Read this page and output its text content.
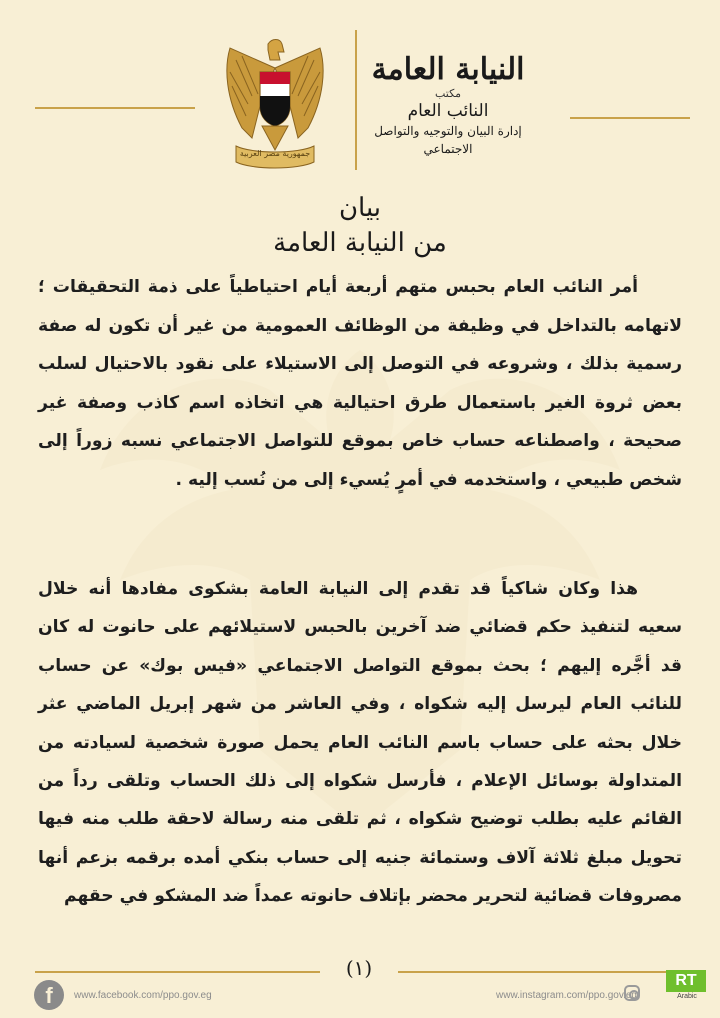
جمهورية مصر العربية
النيابة العامة
مكتب
النائب العام
إدارة البيان والتوجيه والتواصل الاجتماعي
بيان
من النيابة العامة

أمر النائب العام بحبس متهم أربعة أيام احتياطياً على ذمة التحقيقات ؛ لاتهامه بالتداخل في وظيفة من الوظائف العمومية من غير أن تكون له صفة رسمية بذلك ، وشروعه في التوصل إلى الاستيلاء على نقود بالاحتيال لسلب بعض ثروة الغير باستعمال طرق احتيالية هي اتخاذه اسم كاذب وصفة غير صحيحة ، واصطناعه حساب خاص بموقع للتواصل الاجتماعي نسبه زوراً إلى شخص طبيعي ، واستخدمه في أمرٍ يُسيء إلى من نُسب إليه .

هذا وكان شاكياً قد تقدم إلى النيابة العامة بشكوى مفادها أنه خلال سعيه لتنفيذ حكم قضائي ضد آخرين بالحبس لاستيلائهم على حانوت له كان قد أجَّره إليهم ؛ بحث بموقع التواصل الاجتماعي «فيس بوك» عن حساب للنائب العام ليرسل إليه شكواه ، وفي العاشر من شهر إبريل الماضي عثر خلال بحثه على حساب باسم النائب العام يحمل صورة شخصية لسيادته من المتداولة بوسائل الإعلام ، فأرسل شكواه إلى ذلك الحساب وتلقى رداً من القائم عليه بطلب توضيح شكواه ، ثم تلقى منه رسالة لاحقة طلب منه فيها تحويل مبلغ ثلاثة آلاف وستمائة جنيه إلى حساب بنكي أمده برقمه بزعم أنها مصروفات قضائية لتحرير محضر بإتلاف حانوته عمداً ضد المشكو في حقهم

(١)
f	www.facebook.com/ppo.gov.eg	www.instagram.com/ppo.gov.eg
RT
Arabic
